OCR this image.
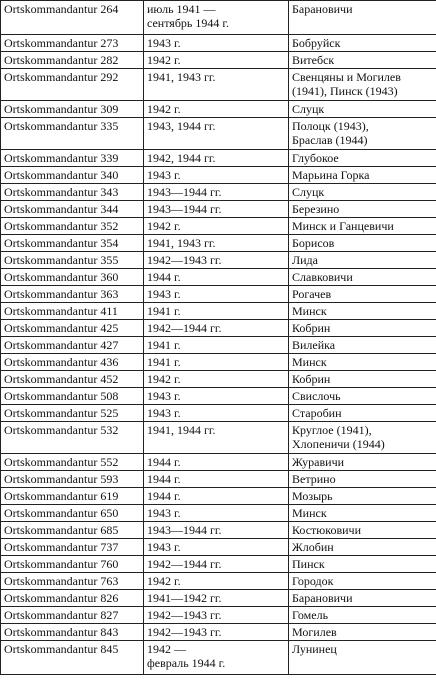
Ortskommandantur 264	июль 1941 —
сентябрь 1944 г.	Барановичи
Ortskommandantur 273	1943 г.	Бобруйск
Ortskommandantur 282	1942 г.	Витебск
Ortskommandantur 292	1941, 1943 гг.	Свенцяны и Могилев
(1941), Пинск (1943)
Ortskommandantur 309	1942 г.	Слуцк
Ortskommandantur 335	1943, 1944 гг.	Полоцк (1943),
Браслав (1944)
Ortskommandantur 339	1942, 1944 гг.	Глубокое
Ortskommandantur 340	1943 г.	Марьина Горка
Ortskommandantur 343	1943—1944 гг.	Слуцк
Ortskommandantur 344	1943—1944 гг.	Березино
Ortskommandantur 352	1942 г.	Минск и Ганцевичи
Ortskommandantur 354	1941, 1943 гг.	Борисов
Ortskommandantur 355	1942—1943 гг.	Лида
Ortskommandantur 360	1944 г.	Славковичи
Ortskommandantur 363	1943 г.	Рогачев
Ortskommandantur 411	1941 г.	Минск
Ortskommandantur 425	1942—1944 гг.	Кобрин
Ortskommandantur 427	1941 г.	Вилейка
Ortskommandantur 436	1941 г.	Минск
Ortskommandantur 452	1942 г.	Кобрин
Ortskommandantur 508	1943 г.	Свислочь
Ortskommandantur 525	1943 г.	Старобин
Ortskommandantur 532	1941, 1944 гг.	Круглое (1941),
Хлопеничи (1944)
Ortskommandantur 552	1944 г.	Журавичи
Ortskommandantur 593	1944 г.	Ветрино
Ortskommandantur 619	1944 г.	Мозырь
Ortskommandantur 650	1943 г.	Минск
Ortskommandantur 685	1943—1944 гг.	Костюковичи
Ortskommandantur 737	1943 г.	Жлобин
Ortskommandantur 760	1942—1944 гг.	Пинск
Ortskommandantur 763	1942 г.	Городок
Ortskommandantur 826	1941—1942 гг.	Барановичи
Ortskommandantur 827	1942—1943 гг.	Гомель
Ortskommandantur 843	1942—1943 гг.	Могилев
Ortskommandantur 845	1942 —
февраль 1944 г.	Лунинец
